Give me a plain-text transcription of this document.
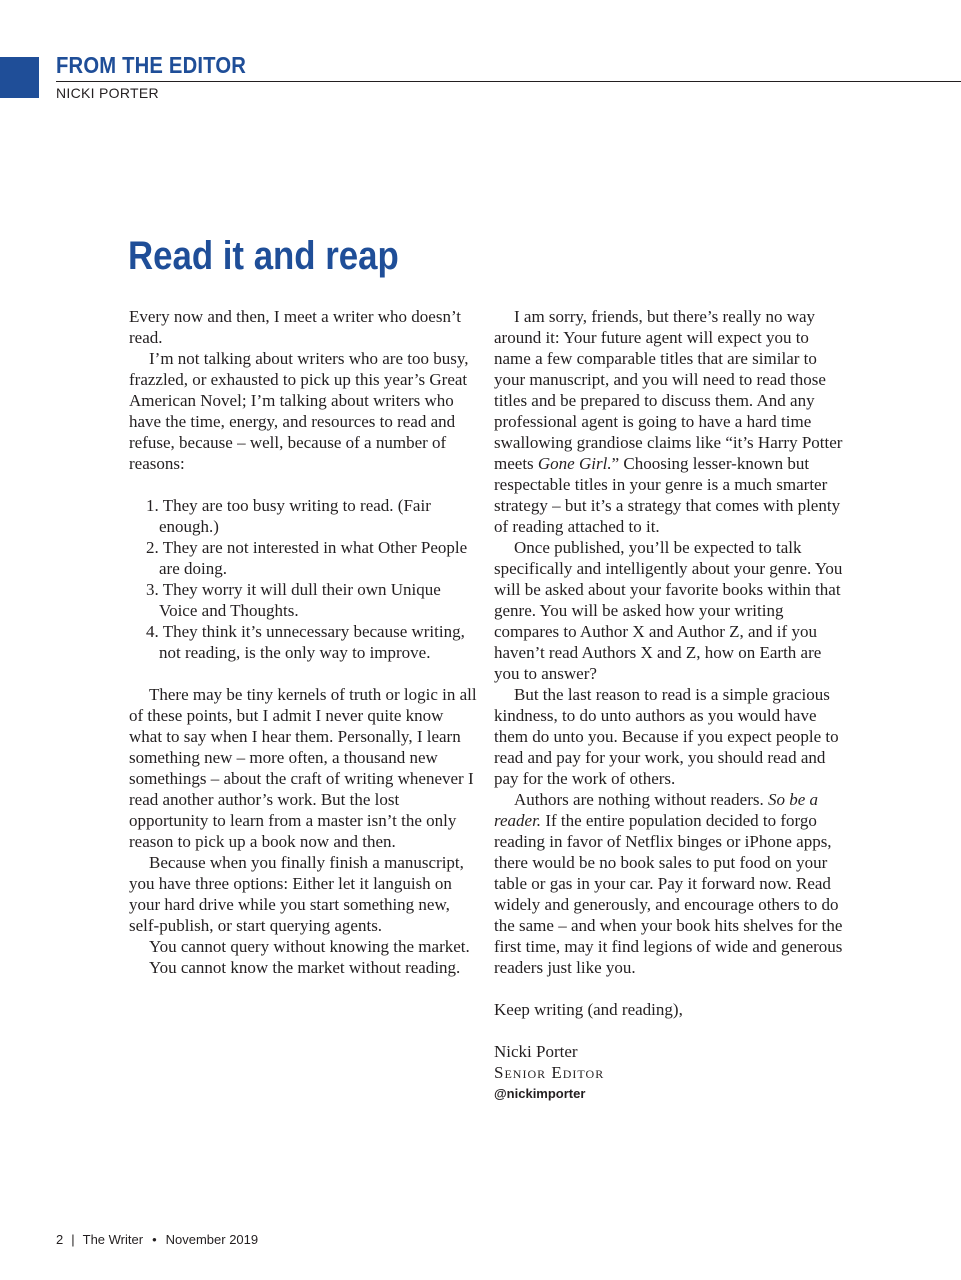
FROM THE EDITOR
NICKI PORTER
Read it and reap

Every now and then, I meet a writer who doesn’t read.

I’m not talking about writers who are too busy, frazzled, or exhausted to pick up this year’s Great American Novel; I’m talking about writers who have the time, energy, and resources to read and refuse, because – well, because of a number of reasons:

1. They are too busy writing to read. (Fair enough.)
2. They are not interested in what Other People are doing.
3. They worry it will dull their own Unique Voice and Thoughts.
4. They think it’s unnecessary because writing, not reading, is the only way to improve.

There may be tiny kernels of truth or logic in all of these points, but I admit I never quite know what to say when I hear them. Personally, I learn something new – more often, a thousand new somethings – about the craft of writing whenever I read another author’s work. But the lost opportunity to learn from a master isn’t the only reason to pick up a book now and then.

Because when you finally finish a manuscript, you have three options: Either let it languish on your hard drive while you start something new, self-publish, or start querying agents.

You cannot query without knowing the market.

You cannot know the market without reading.

I am sorry, friends, but there’s really no way around it: Your future agent will expect you to name a few comparable titles that are similar to your manuscript, and you will need to read those titles and be prepared to discuss them. And any professional agent is going to have a hard time swallowing grandiose claims like “it’s Harry Potter meets Gone Girl.” Choosing lesser-known but respectable titles in your genre is a much smarter strategy – but it’s a strategy that comes with plenty of reading attached to it.

Once published, you’ll be expected to talk specifically and intelligently about your genre. You will be asked about your favorite books within that genre. You will be asked how your writing compares to Author X and Author Z, and if you haven’t read Authors X and Z, how on Earth are you to answer?

But the last reason to read is a simple gracious kindness, to do unto authors as you would have them do unto you. Because if you expect people to read and pay for your work, you should read and pay for the work of others.

Authors are nothing without readers. So be a reader. If the entire population decided to forgo reading in favor of Netflix binges or iPhone apps, there would be no book sales to put food on your table or gas in your car. Pay it forward now. Read widely and generously, and encourage others to do the same – and when your book hits shelves for the first time, may it find legions of wide and generous readers just like you.

Keep writing (and reading),

Nicki Porter

Senior Editor

@nickimporter

2 | The Writer • November 2019
